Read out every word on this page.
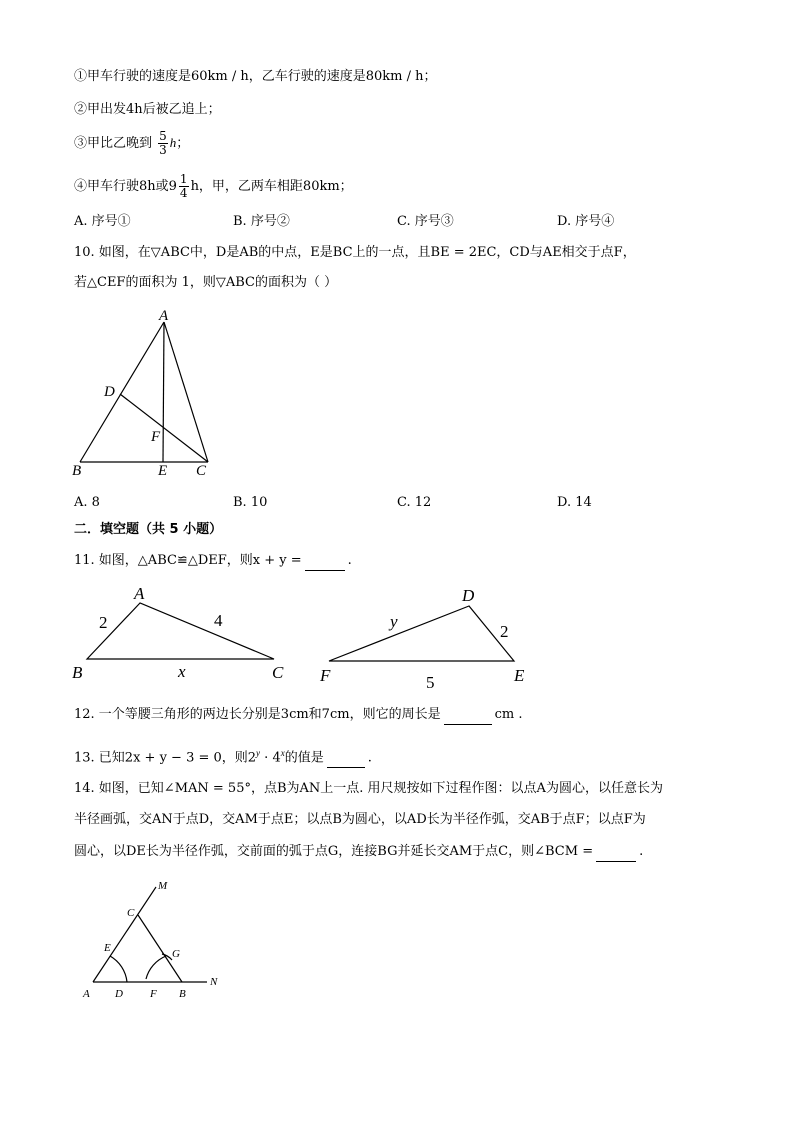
①甲车行驶的速度是60km / h，乙车行驶的速度是80km / h；
②甲出发4h后被乙追上；
③甲比乙晚到 $\frac{5}{3}$ h；
④甲车行驶8h或$9 \frac{1}{4}$ h，甲，乙两车相距80km；
A. 序号①	B. 序号②	C. 序号③	D. 序号④
10. 如图，在▽ABC中，D是AB的中点，E是BC上的一点，且BE = 2EC，CD与AE相交于点F，
若△CEF的面积为 1，则▽ABC的面积为（ ）
A
D
F
B	E C
A. 8	B. 10	C. 12	D. 14
二．填空题（共 5 小题）
11. 如图，△ABC≌△DEF，则x + y =	.
A
B	C
2	4
x
D
F	E
y
2
5
12. 一个等腰三角形的两边长分别是3cm和7cm，则它的周长是	cm .
13. 已知2x + y − 3 = 0，则$2^y \cdot 4^x$的值是	.
14. 如图，已知∠MAN = 55°，点B为AN上一点. 用尺规按如下过程作图：以点A为圆心，以任意长为
半径画弧，交AN于点D，交AM于点E；以点B为圆心，以AD长为半径作弧，交AB于点F；以点F为
圆心，以DE长为半径作弧，交前面的弧于点G，连接BG并延长交AM于点C，则∠BCM =	.
M
C
E	G
A D F B
N
